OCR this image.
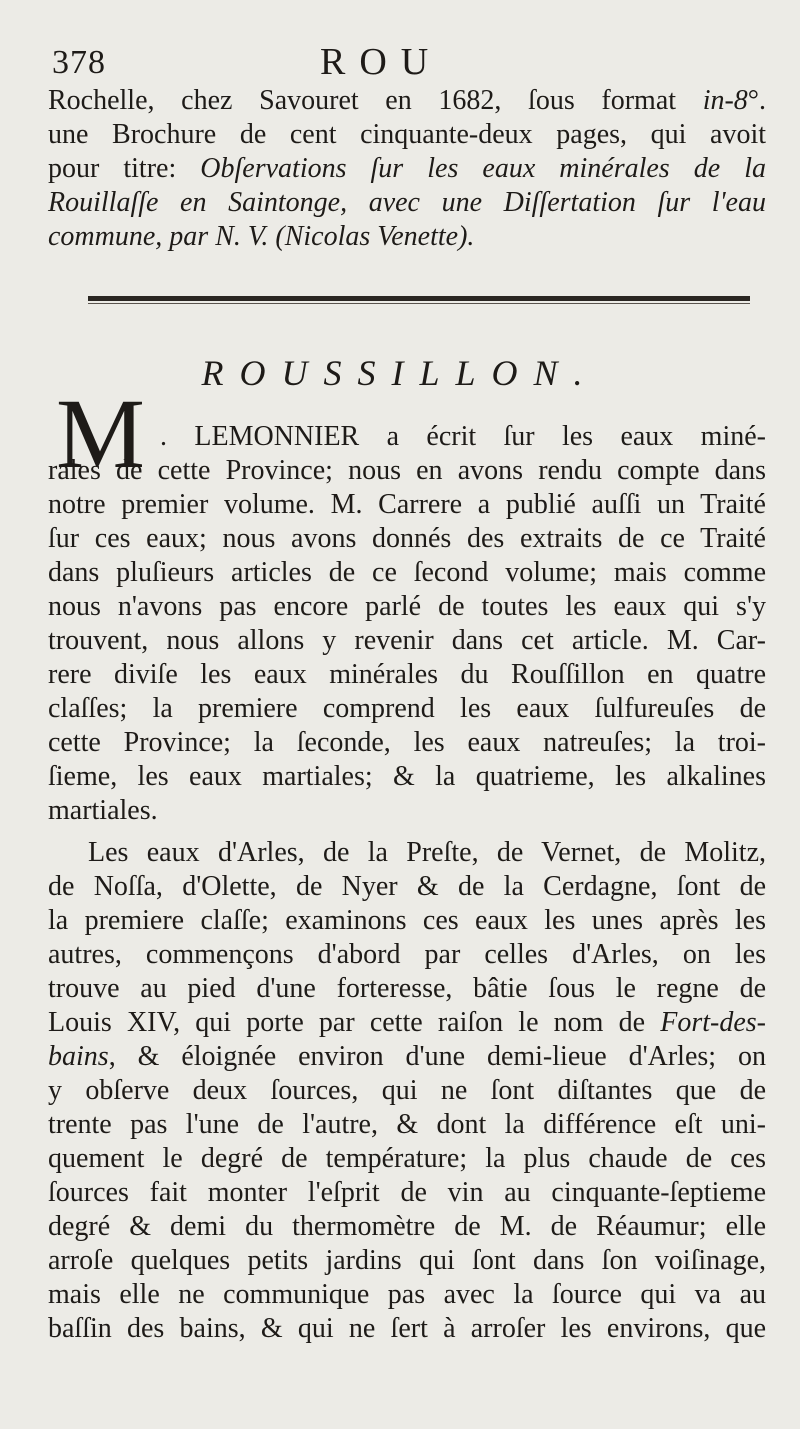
378	ROU
Rochelle, chez Savouret en 1682, ſous format in-8°.
une Brochure de cent cinquante-deux pages, qui avoit
pour titre: Obſervations ſur les eaux minérales de la
Rouillaſſe en Saintonge, avec une Diſſertation ſur l'eau
commune, par N. V. (Nicolas Venette).
ROUSSILLON.
M . LEMONNIER a écrit ſur les eaux miné-
rales de cette Province; nous en avons rendu compte dans
notre premier volume. M. Carrere a publié auſſi un Traité
ſur ces eaux; nous avons donnés des extraits de ce Traité
dans pluſieurs articles de ce ſecond volume; mais comme
nous n'avons pas encore parlé de toutes les eaux qui s'y
trouvent, nous allons y revenir dans cet article. M. Car-
rere diviſe les eaux minérales du Rouſſillon en quatre
claſſes; la premiere comprend les eaux ſulfureuſes de
cette Province; la ſeconde, les eaux natreuſes; la troi-
ſieme, les eaux martiales; & la quatrieme, les alkalines
martiales.
Les eaux d'Arles, de la Preſte, de Vernet, de Molitz,
de Noſſa, d'Olette, de Nyer & de la Cerdagne, ſont de
la premiere claſſe; examinons ces eaux les unes après les
autres, commençons d'abord par celles d'Arles, on les
trouve au pied d'une forteresse, bâtie ſous le regne de
Louis XIV, qui porte par cette raiſon le nom de Fort-des-
bains, & éloignée environ d'une demi-lieue d'Arles; on
y obſerve deux ſources, qui ne ſont diſtantes que de
trente pas l'une de l'autre, & dont la différence eſt uni-
quement le degré de température; la plus chaude de ces
ſources fait monter l'eſprit de vin au cinquante-ſeptieme
degré & demi du thermomètre de M. de Réaumur; elle
arroſe quelques petits jardins qui ſont dans ſon voiſinage,
mais elle ne communique pas avec la ſource qui va au
baſſin des bains, & qui ne ſert à arroſer les environs, que
